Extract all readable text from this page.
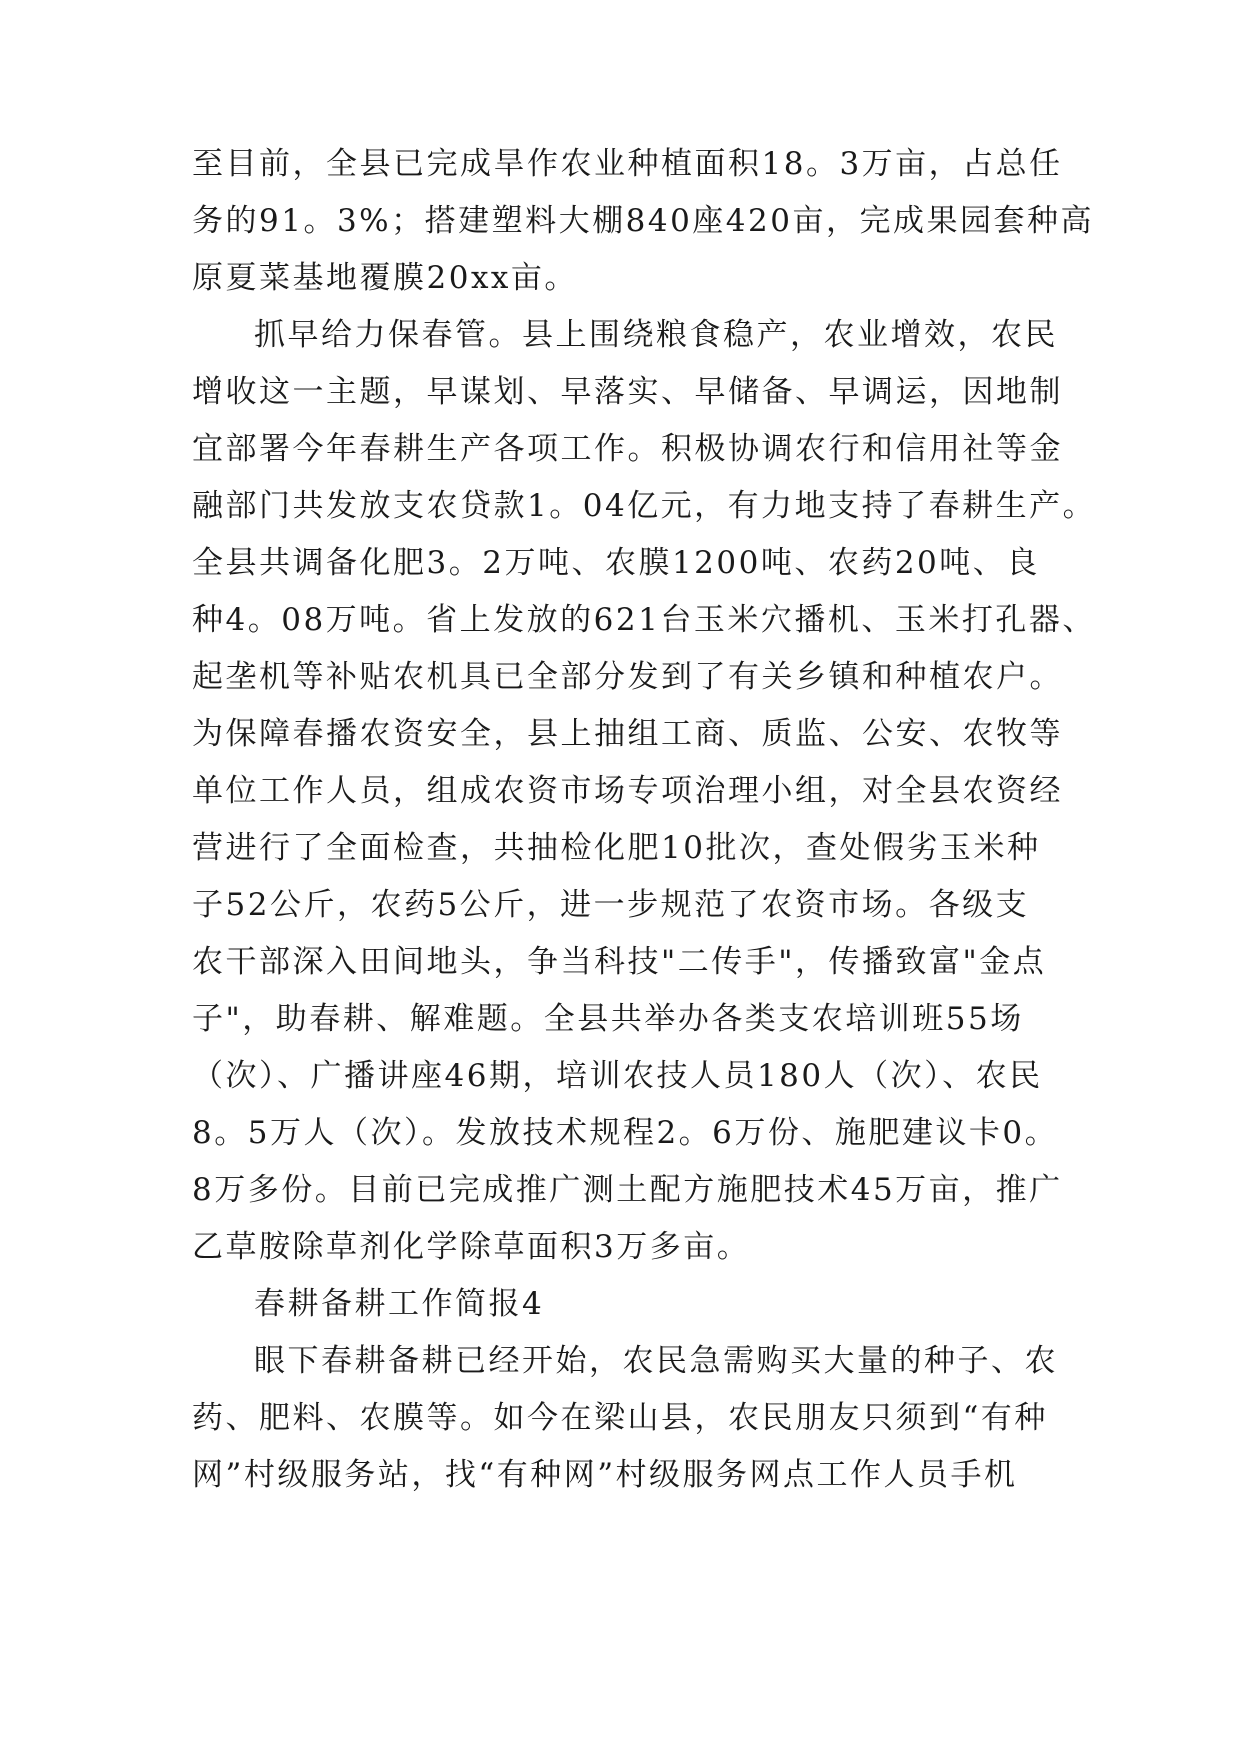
至目前，全县已完成旱作农业种植面积18。3万亩，占总任
务的91。3%；搭建塑料大棚840座420亩，完成果园套种高
原夏菜基地覆膜20xx亩。
抓早给力保春管。县上围绕粮食稳产，农业增效，农民
增收这一主题，早谋划、早落实、早储备、早调运，因地制
宜部署今年春耕生产各项工作。积极协调农行和信用社等金
融部门共发放支农贷款1。04亿元，有力地支持了春耕生产。
全县共调备化肥3。2万吨、农膜1200吨、农药20吨、良
种4。08万吨。省上发放的621台玉米穴播机、玉米打孔器、
起垄机等补贴农机具已全部分发到了有关乡镇和种植农户。
为保障春播农资安全，县上抽组工商、质监、公安、农牧等
单位工作人员，组成农资市场专项治理小组，对全县农资经
营进行了全面检查，共抽检化肥10批次，查处假劣玉米种
子52公斤，农药5公斤，进一步规范了农资市场。各级支
农干部深入田间地头，争当科技"二传手"，传播致富"金点
子"，助春耕、解难题。全县共举办各类支农培训班55场
（次）、广播讲座46期，培训农技人员180人（次）、农民
8。5万人（次）。发放技术规程2。6万份、施肥建议卡0。
8万多份。目前已完成推广测土配方施肥技术45万亩，推广
乙草胺除草剂化学除草面积3万多亩。
春耕备耕工作简报4
眼下春耕备耕已经开始，农民急需购买大量的种子、农
药、肥料、农膜等。如今在梁山县，农民朋友只须到“有种
网”村级服务站，找“有种网”村级服务网点工作人员手机
